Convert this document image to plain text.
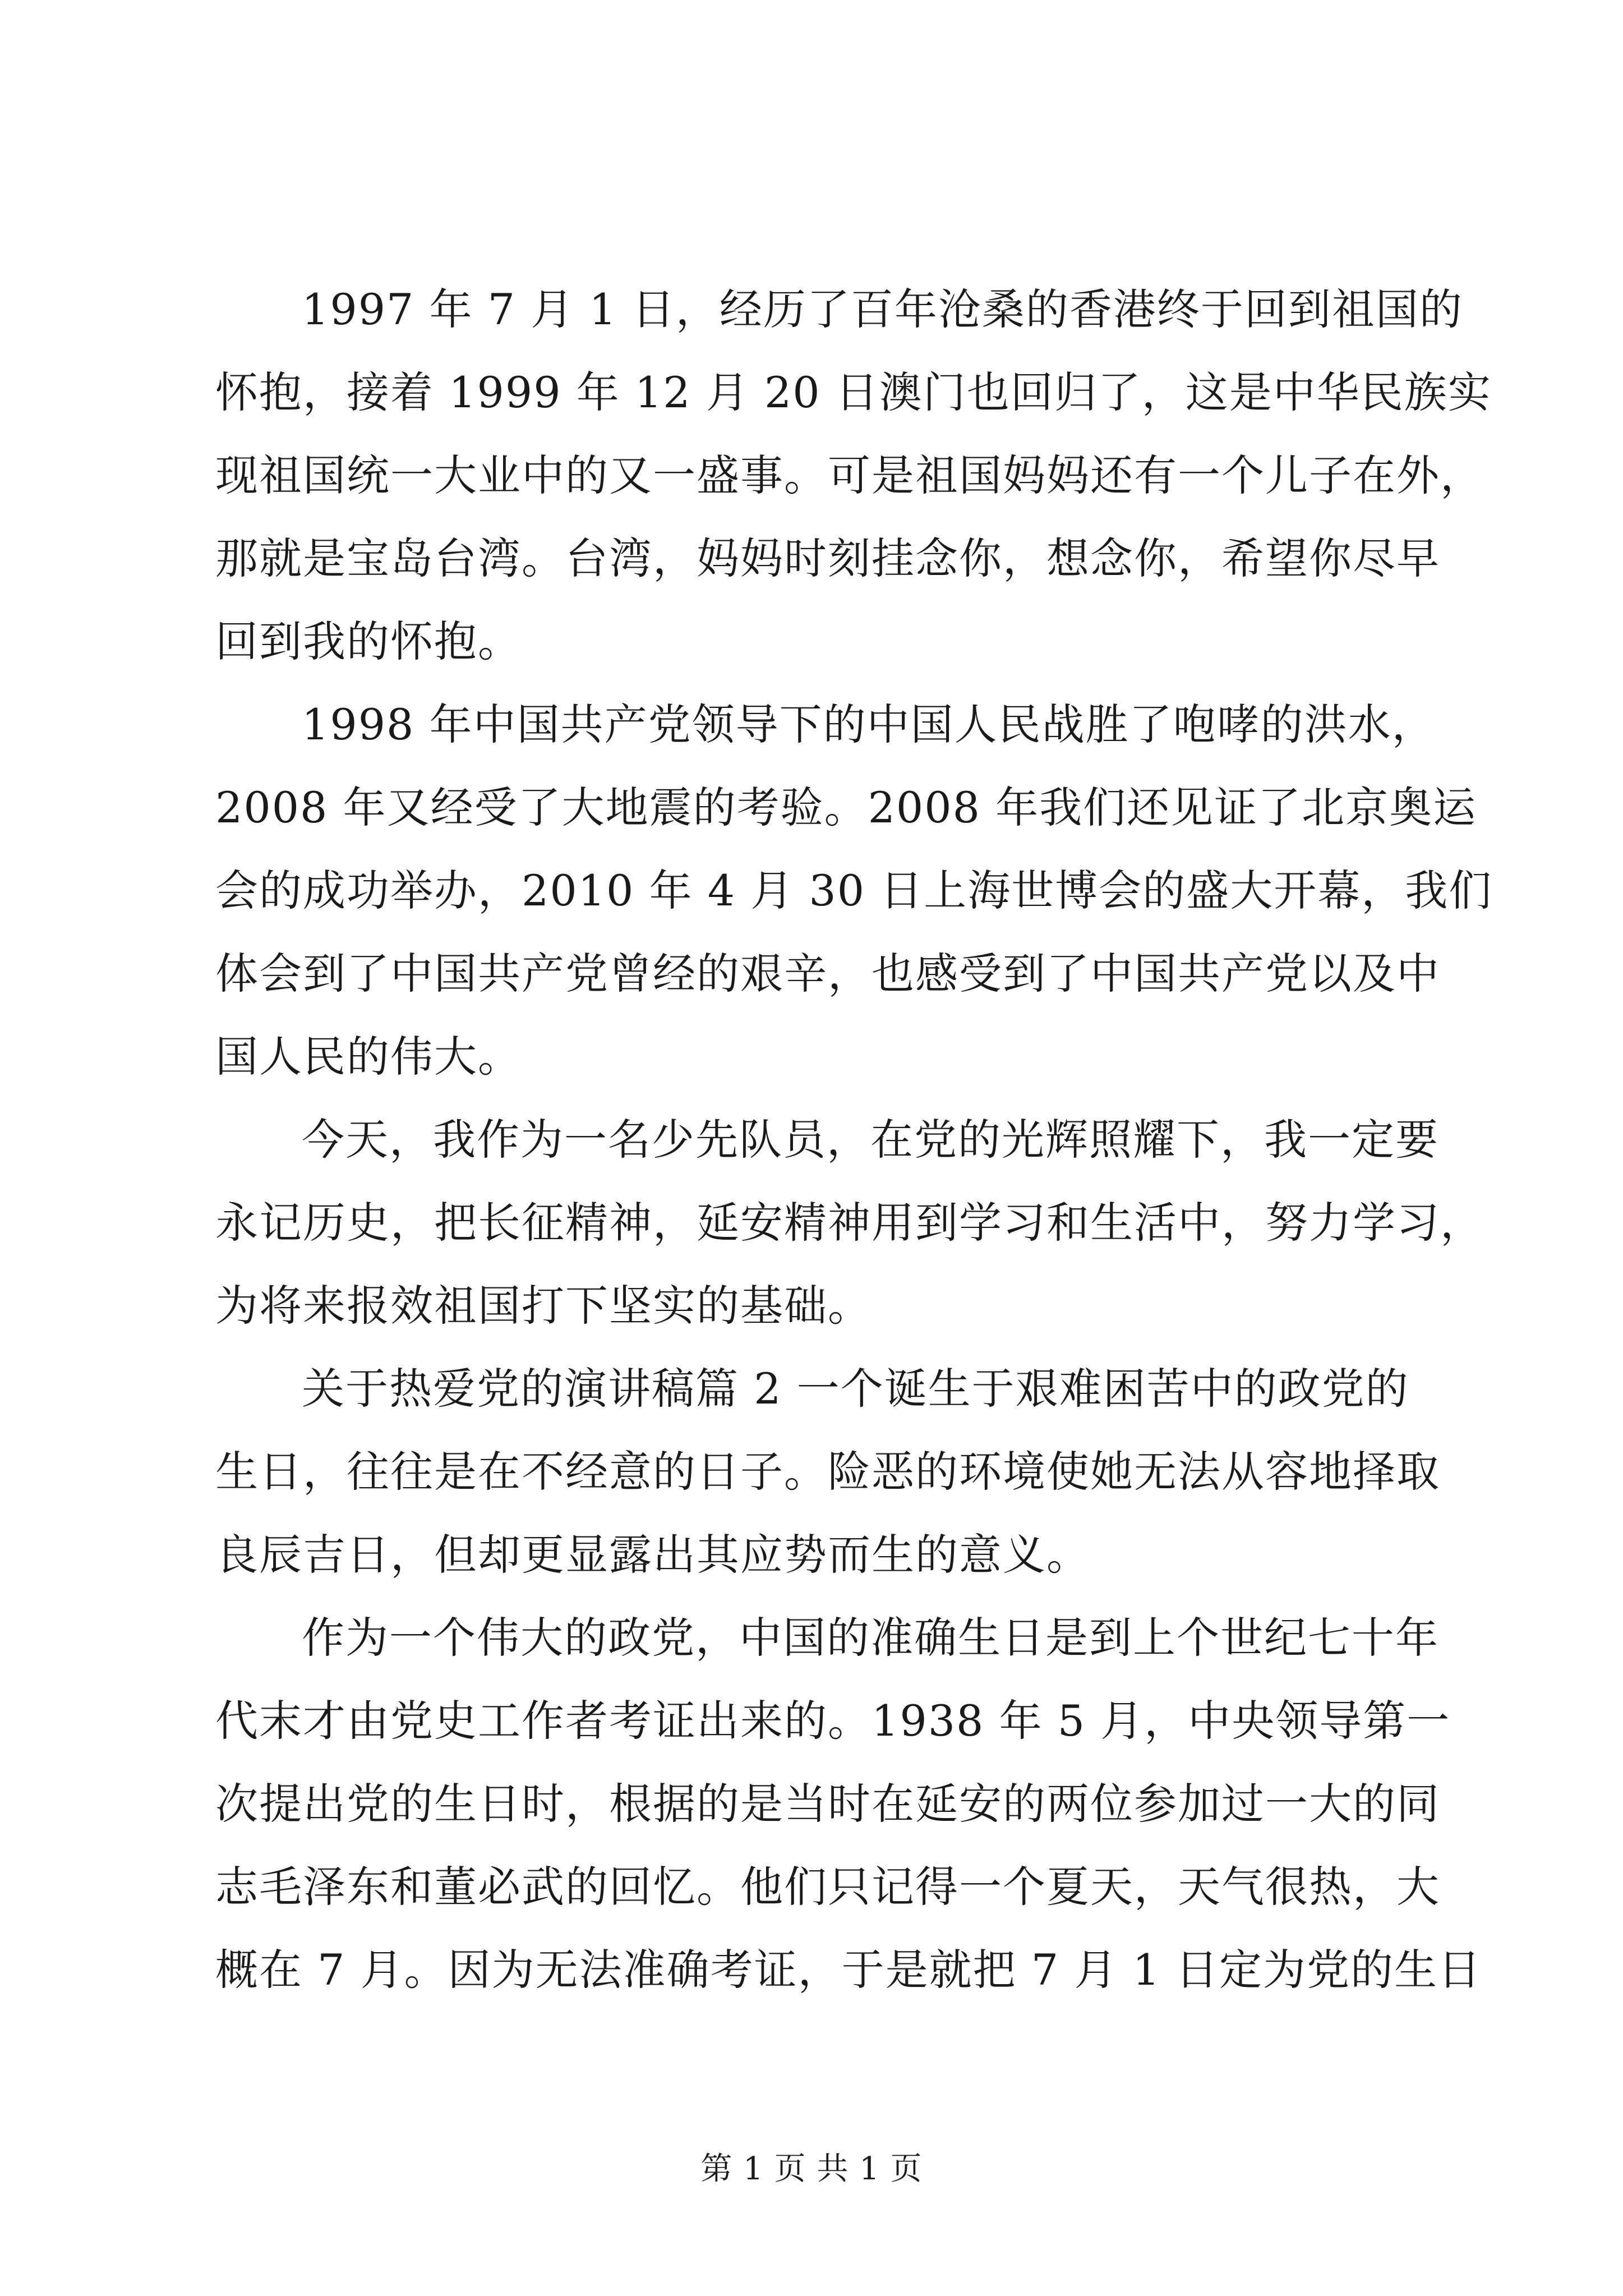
1997 年 7 月 1 日，经历了百年沧桑的香港终于回到祖国的
怀抱，接着 1999 年 12 月 20 日澳门也回归了，这是中华民族实
现祖国统一大业中的又一盛事。可是祖国妈妈还有一个儿子在外，
那就是宝岛台湾。台湾，妈妈时刻挂念你，想念你，希望你尽早
回到我的怀抱。
1998 年中国共产党领导下的中国人民战胜了咆哮的洪水，
2008 年又经受了大地震的考验。2008 年我们还见证了北京奥运
会的成功举办，2010 年 4 月 30 日上海世博会的盛大开幕，我们
体会到了中国共产党曾经的艰辛，也感受到了中国共产党以及中
国人民的伟大。
今天，我作为一名少先队员，在党的光辉照耀下，我一定要
永记历史，把长征精神，延安精神用到学习和生活中，努力学习，
为将来报效祖国打下坚实的基础。
关于热爱党的演讲稿篇 2 一个诞生于艰难困苦中的政党的
生日，往往是在不经意的日子。险恶的环境使她无法从容地择取
良辰吉日，但却更显露出其应势而生的意义。
作为一个伟大的政党，中国的准确生日是到上个世纪七十年
代末才由党史工作者考证出来的。1938 年 5 月，中央领导第一
次提出党的生日时，根据的是当时在延安的两位参加过一大的同
志毛泽东和董必武的回忆。他们只记得一个夏天，天气很热，大
概在 7 月。因为无法准确考证，于是就把 7 月 1 日定为党的生日
第 1 页 共 1 页
